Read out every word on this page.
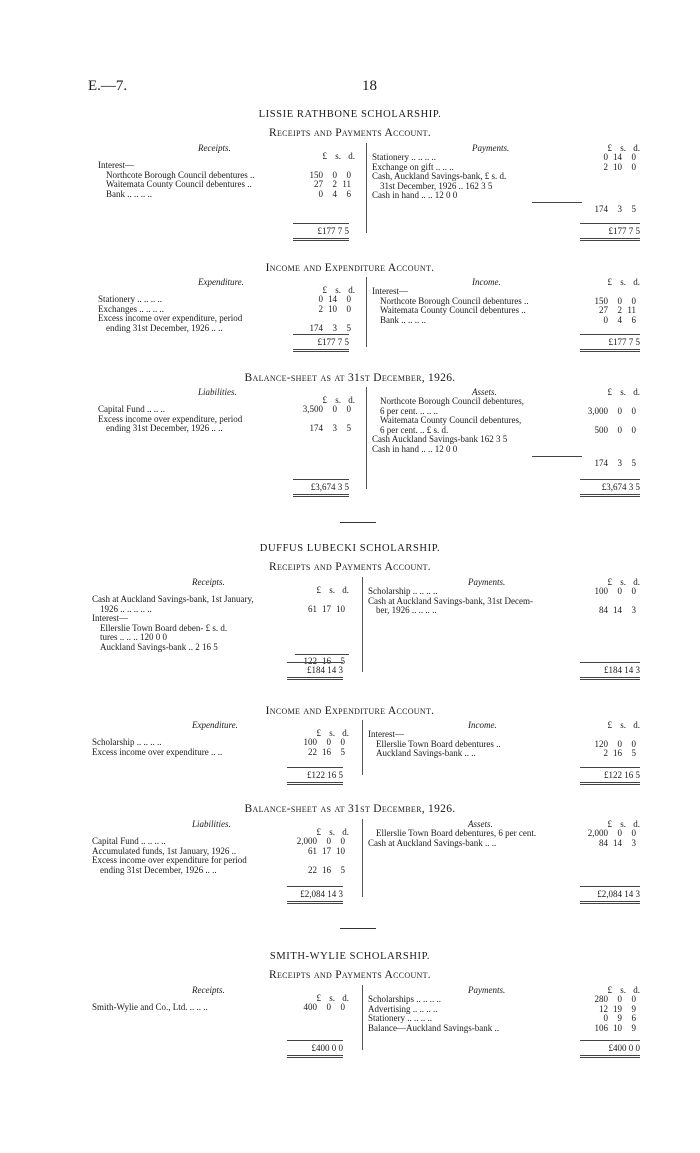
E.—7.	18
LISSIE RATHBONE SCHOLARSHIP.
Receipts and Payments Account.
Receipts.	Payments.
£ s. d.
£ s. d.
Interest—
Northcote Borough Council debentures ..	150 0 0
Waitemata County Council debentures ..	27 2 11
Bank .. .. .. ..	0 4 6
Stationery .. .. .. ..	0 14 0
Exchange on gift .. .. ..	2 10 0
Cash, Auckland Savings-bank, £ s. d.
31st December, 1926 .. 162 3 5
Cash in hand .. .. 12 0 0
174 3 5
£177 7 5	£177 7 5
Income and Expenditure Account.
Expenditure.	Income.
£ s. d.
£ s. d.
Stationery .. .. .. ..	0 14 0
Exchanges .. .. .. ..	2 10 0
Excess income over expenditure, period
ending 31st December, 1926 .. ..	174 3 5
Interest—
Northcote Borough Council debentures ..	150 0 0
Waitemata County Council debentures ..	27 2 11
Bank .. .. .. ..	0 4 6
£177 7 5	£177 7 5
Balance-sheet as at 31st December, 1926.
Liabilities.	Assets.
£ s. d.
£ s. d.
Capital Fund .. .. ..	3,500 0 0
Excess income over expenditure, period
ending 31st December, 1926 .. ..	174 3 5
Northcote Borough Council debentures,
6 per cent. .. .. ..	3,000 0 0
Waitemata County Council debentures,
6 per cent. .. £ s. d.	500 0 0
Cash Auckland Savings-bank 162 3 5
Cash in hand .. .. 12 0 0
174 3 5
£3,674 3 5	£3,674 3 5
DUFFUS LUBECKI SCHOLARSHIP.
Receipts and Payments Account.
Receipts.	Payments.
£ s. d.
£ s. d.
Cash at Auckland Savings-bank, 1st January,
1926 .. .. .. .. ..	61 17 10
Interest—
Ellerslie Town Board deben- £ s. d.
tures .. .. .. 120 0 0
Auckland Savings-bank .. 2 16 5
Scholarship .. .. .. ..	100 0 0
Cash at Auckland Savings-bank, 31st Decem-
ber, 1926 .. .. .. ..	84 14 3
122 16 5
£184 14 3	£184 14 3
Income and Expenditure Account.
Expenditure.	Income.
£ s. d.
£ s. d.
Scholarship .. .. .. ..	100 0 0
Excess income over expenditure .. ..	22 16 5
Interest—
Ellerslie Town Board debentures ..	120 0 0
Auckland Savings-bank .. ..	2 16 5
£122 16 5	£122 16 5
Balance-sheet as at 31st December, 1926.
Liabilities.	Assets.
£ s. d.
£ s. d.
Capital Fund .. .. .. ..	2,000 0 0
Accumulated funds, 1st January, 1926 ..	61 17 10
Excess income over expenditure for period
ending 31st December, 1926 .. ..	22 16 5
Ellerslie Town Board debentures, 6 per cent.	2,000 0 0
Cash at Auckland Savings-bank .. ..	84 14 3
£2,084 14 3	£2,084 14 3
SMITH-WYLIE SCHOLARSHIP.
Receipts and Payments Account.
Receipts.	Payments.
£ s. d.
£ s. d.
Smith-Wylie and Co., Ltd. .. .. ..	400 0 0
Scholarships .. .. .. ..	280 0 0
Advertising .. .. .. ..	12 19 9
Stationery .. .. .. ..	0 9 6
Balance—Auckland Savings-bank ..	106 10 9
£400 0 0	£400 0 0
